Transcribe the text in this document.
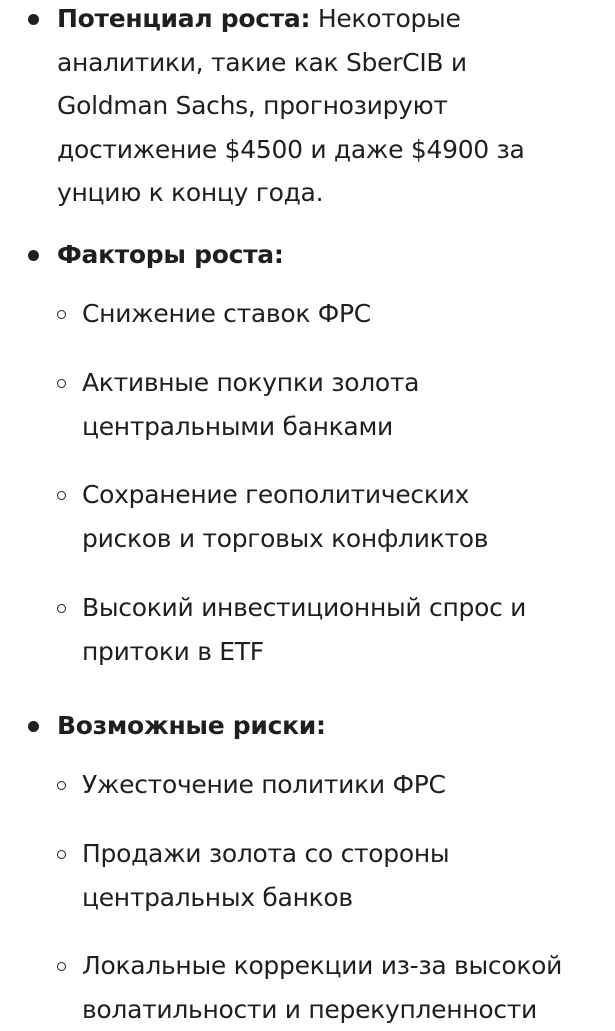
Потенциал роста: Некоторые аналитики, такие как SberCIB и Goldman Sachs, прогнозируют достижение $4500 и даже $4900 за унцию к концу года.
Факторы роста:
Снижение ставок ФРС
Активные покупки золота центральными банками
Сохранение геополитических рисков и торговых конфликтов
Высокий инвестиционный спрос и притоки в ETF
Возможные риски:
Ужесточение политики ФРС
Продажи золота со стороны центральных банков
Локальные коррекции из-за высокой волатильности и перекупленности
